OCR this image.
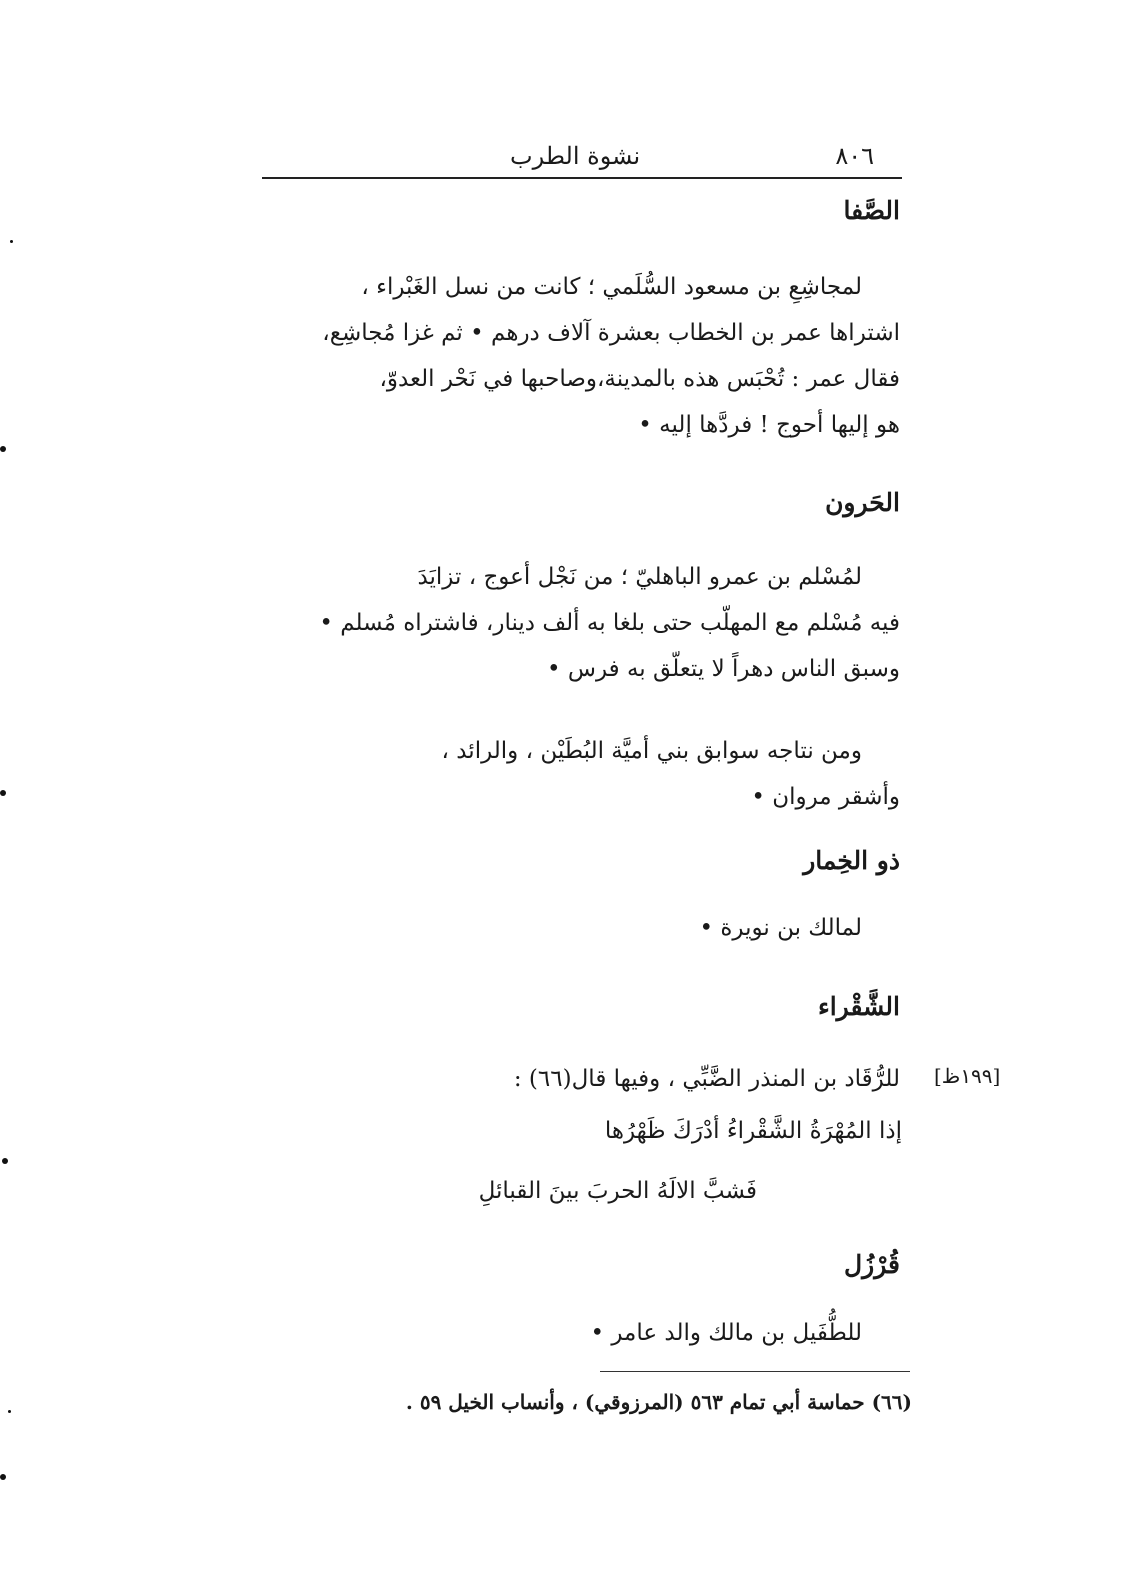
٨٠٦
نشوة الطرب
الصَّفا
لمجاشِعِ بن مسعود السُّلَمي ؛ كانت من نسل الغَبْراء ،
اشتراها عمر بن الخطاب بعشرة آلاف درهم • ثم غزا مُجاشِع،
فقال عمر : تُحْبَس هذه بالمدينة،وصاحبها في نَحْر العدوّ،
هو إليها أحوج ! فردَّها إليه •
الحَرون
لمُسْلم بن عمرو الباهليّ ؛ من نَجْل أعوج ، تزايَدَ
فيه مُسْلم مع المهلّب حتى بلغا به ألف دينار، فاشتراه مُسلم •
وسبق الناس دهراً لا يتعلّق به فرس •
ومن نتاجه سوابق بني أميَّة البُطَيْن ، والرائد ،
وأشقر مروان •
ذو الخِمار
لمالك بن نويرة •
الشَّقْراء
[١٩٩ظ]
للرُّقَاد بن المنذر الضَّبِّي ، وفيها قال(٦٦) :
إذا المُهْرَةُ الشَّقْراءُ أدْرَكَ ظَهْرُها
فَشبَّ الالَهُ الحربَ بينَ القبائلِ
قُرْزُل
للطُّفَيل بن مالك والد عامر •
(٦٦) حماسة أبي تمام ٥٦٣ (المرزوقي) ، وأنساب الخيل ٥٩ .
